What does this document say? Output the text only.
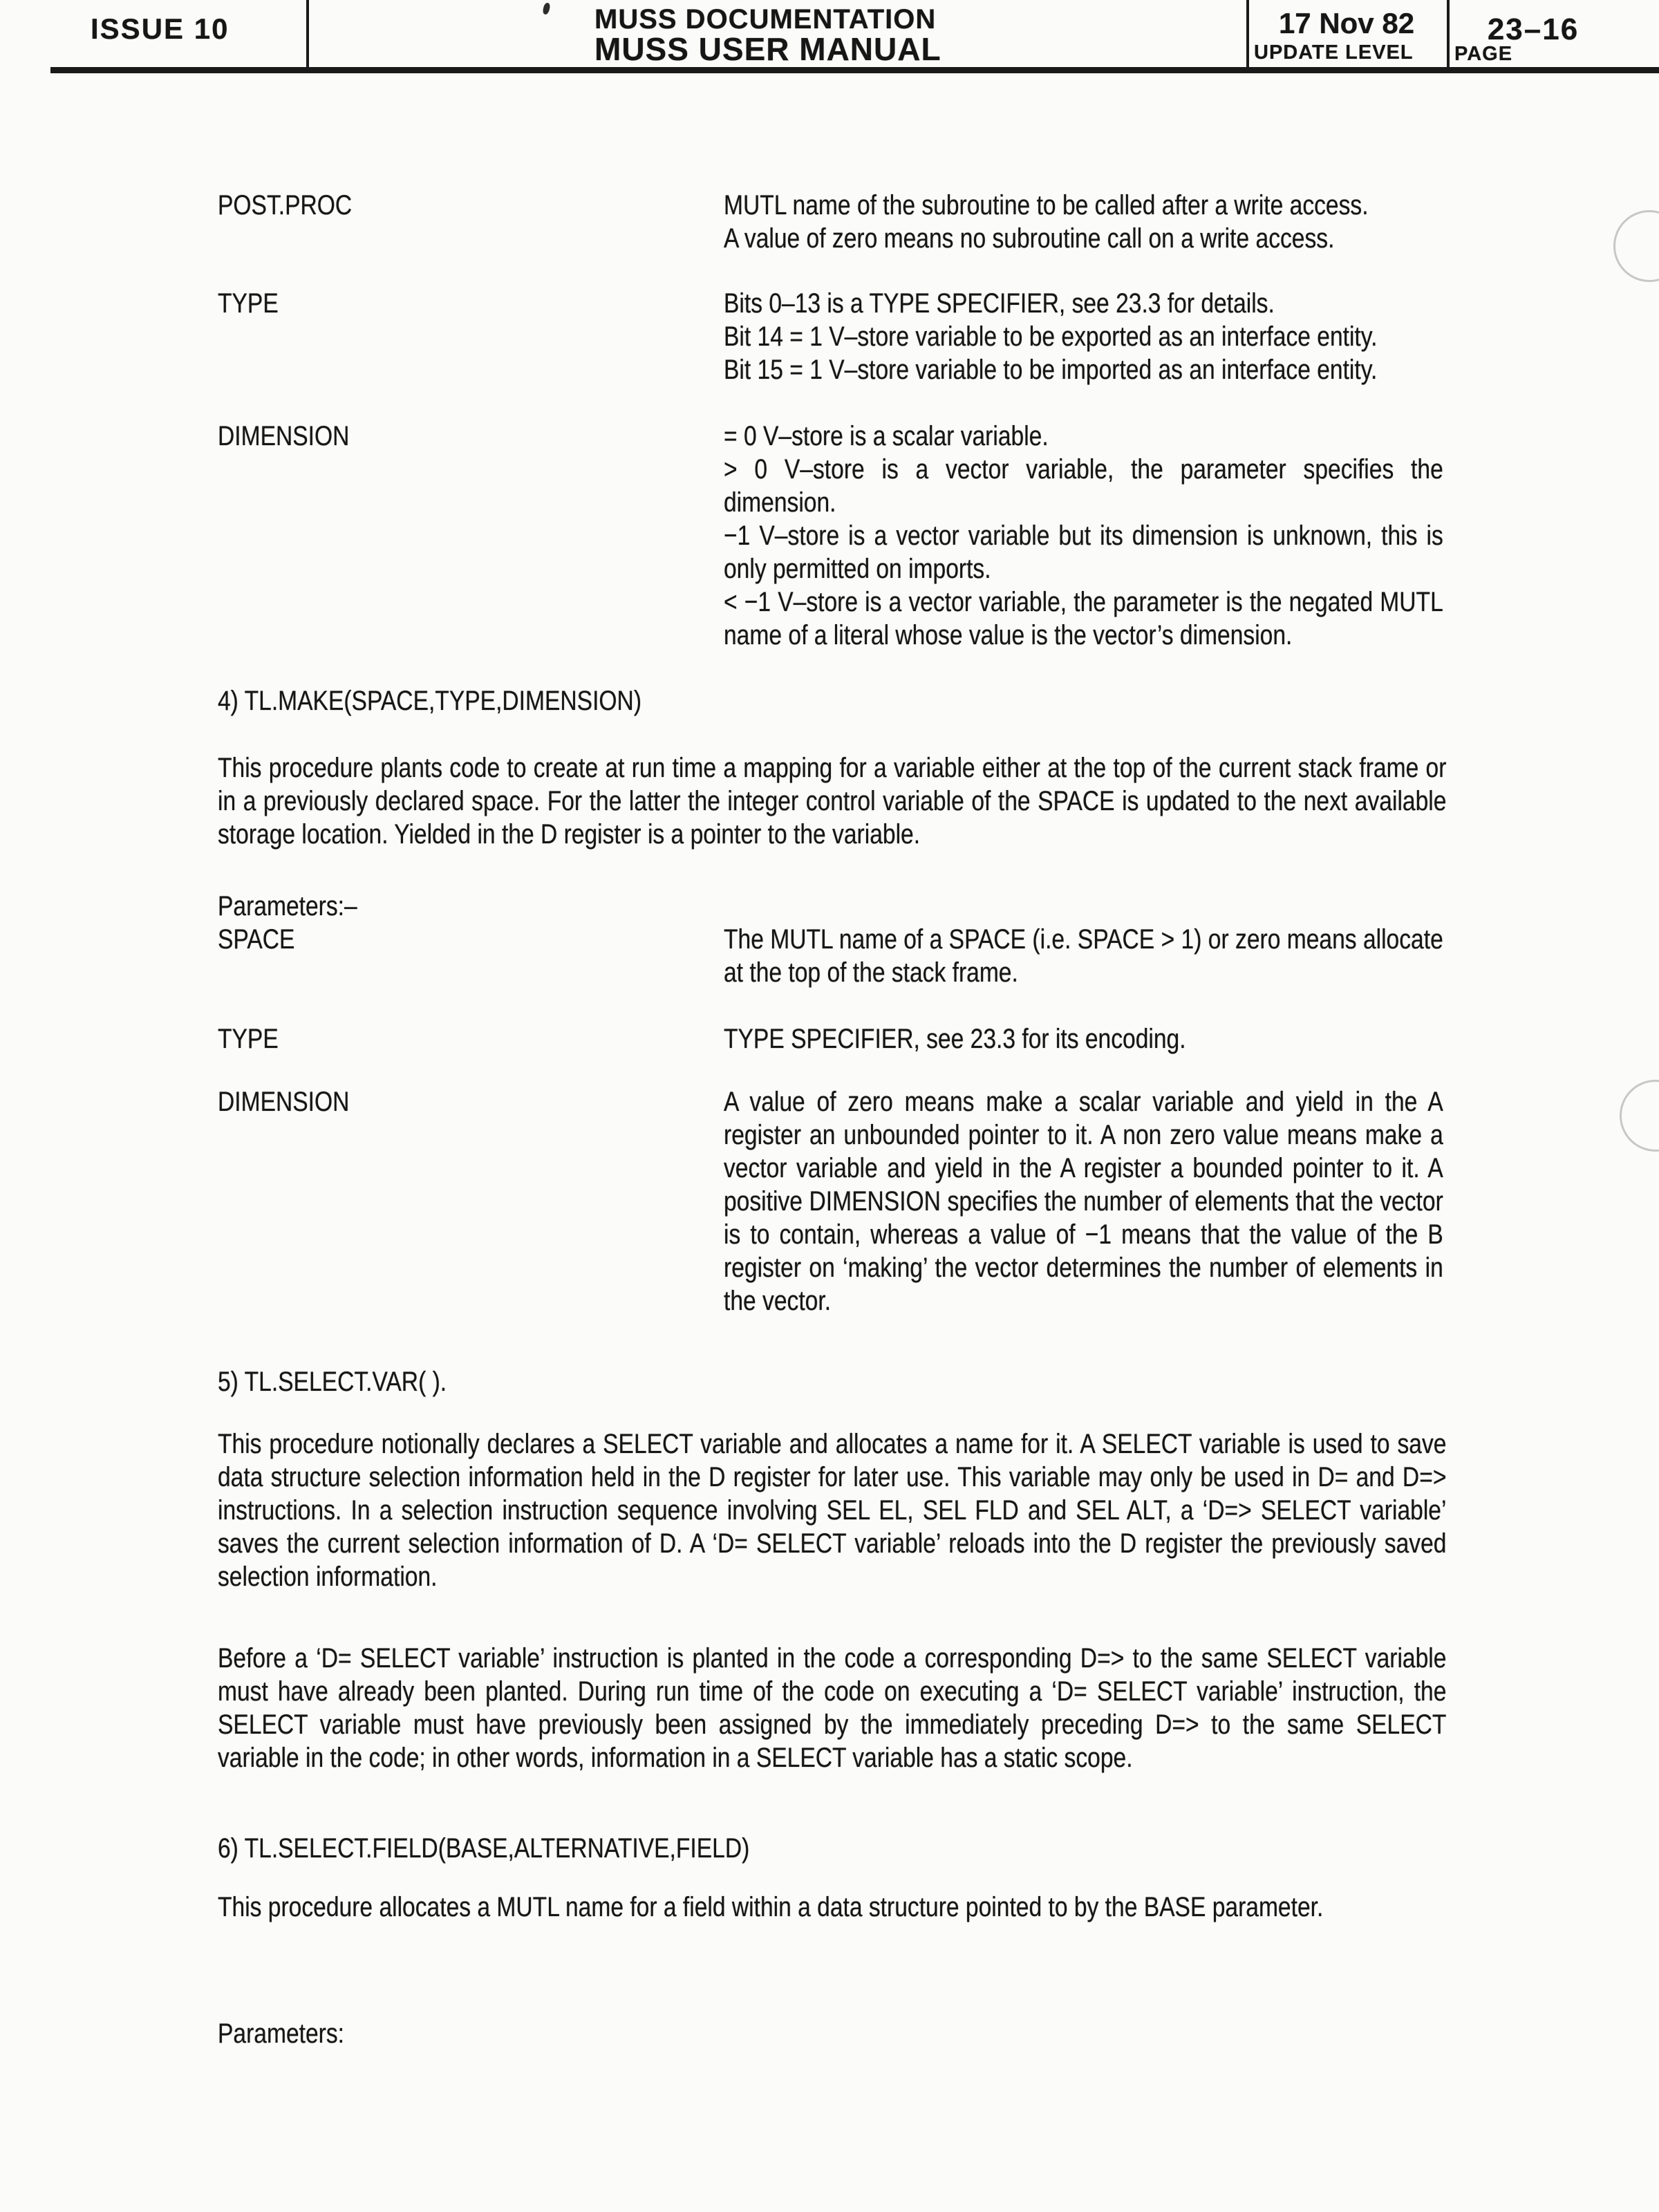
ISSUE 10	MUSS DOCUMENTATION
MUSS USER MANUAL
17 Nov 82
UPDATE LEVEL
23–16
PAGE
POST.PROC	MUTL name of the subroutine to be called after a write access.
A value of zero means no subroutine call on a write access.
TYPE	Bits 0–13 is a TYPE SPECIFIER, see 23.3 for details.
Bit 14 = 1 V–store variable to be exported as an interface entity.
Bit 15 = 1 V–store variable to be imported as an interface entity.
DIMENSION	= 0 V–store is a scalar variable.
> 0 V–store is a vector variable, the parameter specifies the dimension.
−1 V–store is a vector variable but its dimension is unknown, this is only permitted on imports.
< −1 V–store is a vector variable, the parameter is the negated MUTL name of a literal whose value is the vector’s dimension.
4) TL.MAKE(SPACE,TYPE,DIMENSION)
This procedure plants code to create at run time a mapping for a variable either at the top of the current stack frame or in a previously declared space. For the latter the integer control variable of the SPACE is updated to the next available storage location. Yielded in the D register is a pointer to the variable.
Parameters:–
SPACE	The MUTL name of a SPACE (i.e. SPACE > 1) or zero means allocate at the top of the stack frame.
TYPE	TYPE SPECIFIER, see 23.3 for its encoding.
DIMENSION	A value of zero means make a scalar variable and yield in the A register an unbounded pointer to it. A non zero value means make a vector variable and yield in the A register a bounded pointer to it. A positive DIMENSION specifies the number of elements that the vector is to contain, whereas a value of −1 means that the value of the B register on ‘making’ the vector determines the number of elements in the vector.
5) TL.SELECT.VAR( ).
This procedure notionally declares a SELECT variable and allocates a name for it. A SELECT variable is used to save data structure selection information held in the D register for later use. This variable may only be used in D= and D=> instructions. In a selection instruction sequence involving SEL EL, SEL FLD and SEL ALT, a ‘D=> SELECT variable’ saves the current selection information of D. A ‘D= SELECT variable’ reloads into the D register the previously saved selection information.
Before a ‘D= SELECT variable’ instruction is planted in the code a corresponding D=> to the same SELECT variable must have already been planted. During run time of the code on executing a ‘D= SELECT variable’ instruction, the SELECT variable must have previously been assigned by the immediately preceding D=> to the same SELECT variable in the code; in other words, information in a SELECT variable has a static scope.
6) TL.SELECT.FIELD(BASE,ALTERNATIVE,FIELD)
This procedure allocates a MUTL name for a field within a data structure pointed to by the BASE parameter.
Parameters:
